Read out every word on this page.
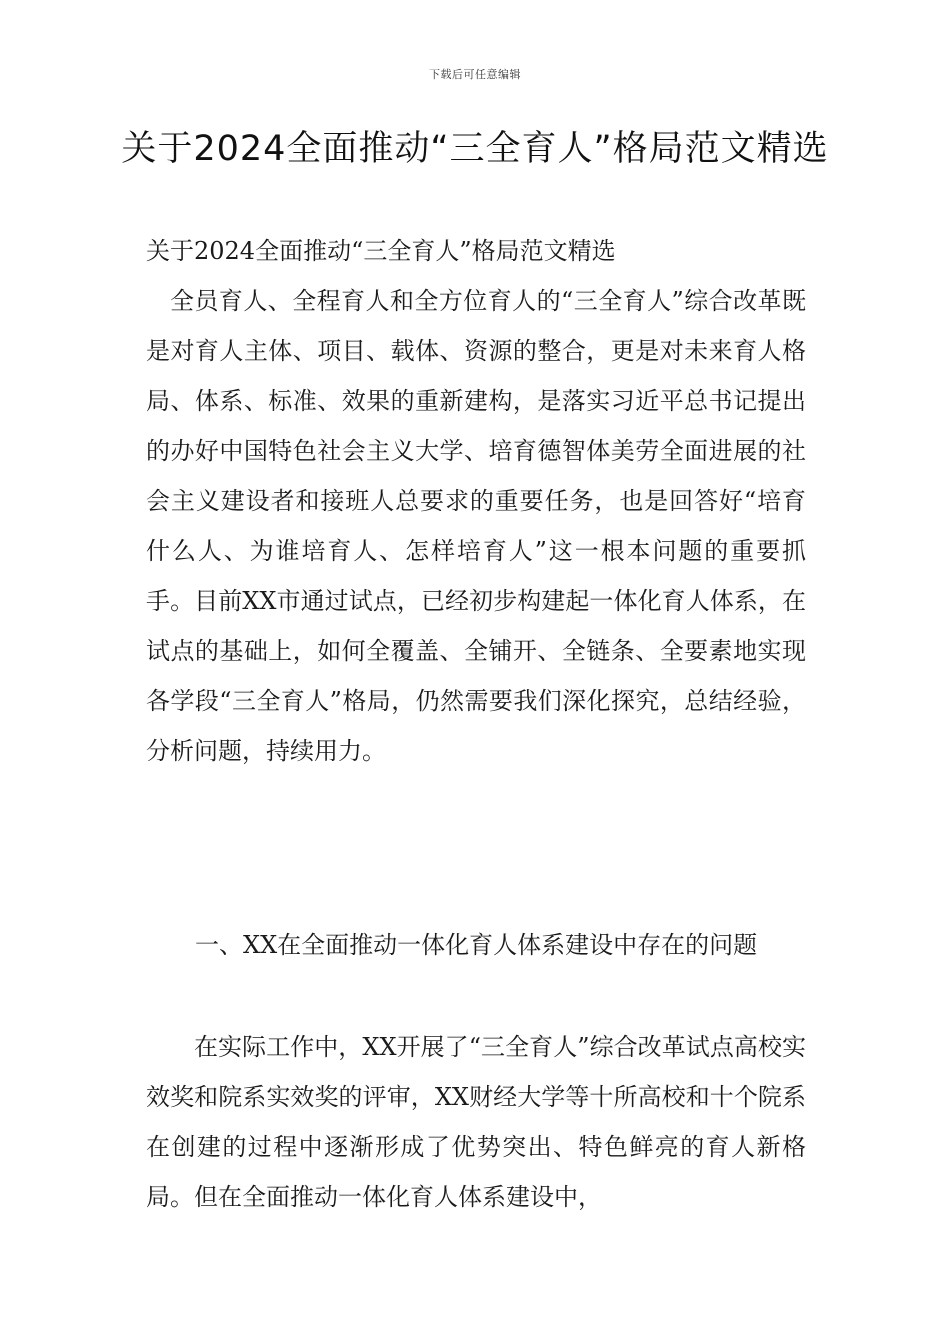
下载后可任意编辑
关于2024全面推动“三全育人”格局范文精选
关于2024全面推动“三全育人”格局范文精选
全员育人、全程育人和全方位育人的“三全育人”综合改革既是对育人主体、项目、载体、资源的整合，更是对未来育人格局、体系、标准、效果的重新建构，是落实习近平总书记提出的办好中国特色社会主义大学、培育德智体美劳全面进展的社会主义建设者和接班人总要求的重要任务，也是回答好“培育什么人、为谁培育人、怎样培育人”这一根本问题的重要抓手。目前XX市通过试点，已经初步构建起一体化育人体系，在试点的基础上，如何全覆盖、全铺开、全链条、全要素地实现各学段“三全育人”格局，仍然需要我们深化探究，总结经验，分析问题，持续用力。
一、XX在全面推动一体化育人体系建设中存在的问题
在实际工作中，XX开展了“三全育人”综合改革试点高校实效奖和院系实效奖的评审，XX财经大学等十所高校和十个院系在创建的过程中逐渐形成了优势突出、特色鲜亮的育人新格局。但在全面推动一体化育人体系建设中，
